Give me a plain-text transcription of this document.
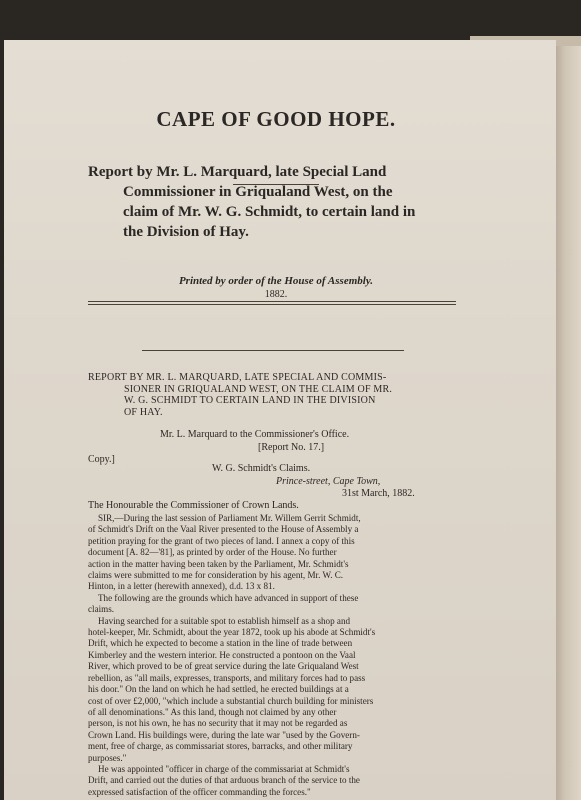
CAPE OF GOOD HOPE.
Report by Mr. L. Marquard, late Special Land
Commissioner in Griqualand West, on the
claim of Mr. W. G. Schmidt, to certain land in
the Division of Hay.
Printed by order of the House of Assembly.
1882.
REPORT BY MR. L. MARQUARD, LATE SPECIAL AND COMMIS-
SIONER IN GRIQUALAND WEST, ON THE CLAIM OF MR.
W. G. SCHMIDT TO CERTAIN LAND IN THE DIVISION
OF HAY.
Mr. L. Marquard to the Commissioner's Office.
[Report No. 17.]
Copy.]
W. G. Schmidt's Claims.
Prince-street, Cape Town,
31st March, 1882.
The Honourable the Commissioner of Crown Lands.
SIR,—During the last session of Parliament Mr. Willem Gerrit Schmidt,
of Schmidt's Drift on the Vaal River presented to the House of Assembly a
petition praying for the grant of two pieces of land. I annex a copy of this
document [A. 82—'81], as printed by order of the House. No further
action in the matter having been taken by the Parliament, Mr. Schmidt's
claims were submitted to me for consideration by his agent, Mr. W. C.
Hinton, in a letter (herewith annexed), d.d. 13 x 81.
The following are the grounds which have advanced in support of these
claims.
Having searched for a suitable spot to establish himself as a shop and
hotel-keeper, Mr. Schmidt, about the year 1872, took up his abode at Schmidt's
Drift, which he expected to become a station in the line of trade between
Kimberley and the western interior. He constructed a pontoon on the Vaal
River, which proved to be of great service during the late Griqualand West
rebellion, as "all mails, expresses, transports, and military forces had to pass
his door." On the land on which he had settled, he erected buildings at a
cost of over £2,000, "which include a substantial church building for ministers
of all denominations." As this land, though not claimed by any other
person, is not his own, he has no security that it may not be regarded as
Crown Land. His buildings were, during the late war "used by the Govern-
ment, free of charge, as commissariat stores, barracks, and other military
purposes."
He was appointed "officer in charge of the commissariat at Schmidt's
Drift, and carried out the duties of that arduous branch of the service to the
expressed satisfaction of the officer commanding the forces."
